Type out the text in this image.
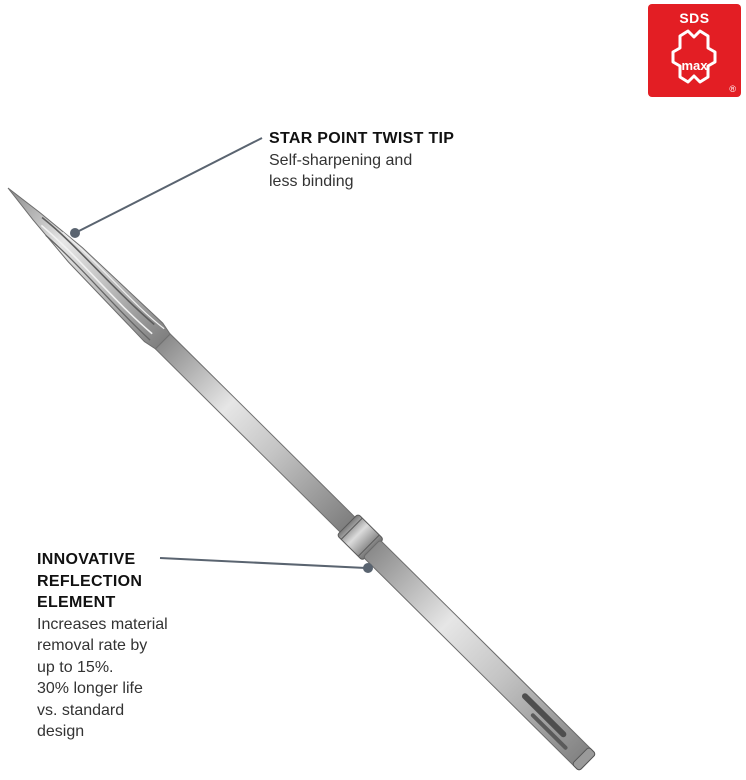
SDS
max
®
STAR POINT TWIST TIP
Self-sharpening and
less binding
INNOVATIVE
REFLECTION
ELEMENT
Increases material
removal rate by
up to 15%.
30% longer life
vs. standard
design
